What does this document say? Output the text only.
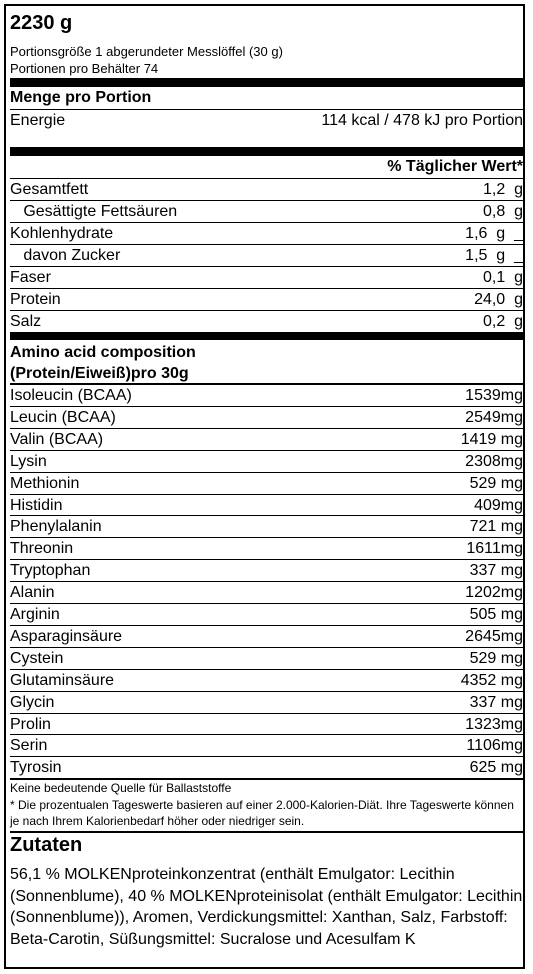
2230 g
Portionsgröße 1 abgerundeter Messlöffel (30 g)
Portionen pro Behälter 74
Menge pro Portion
Energie	114 kcal / 478 kJ pro Portion
% Täglicher Wert*
Gesamtfett	1,2  g
Gesättigte Fettsäuren	0,8  g
Kohlenhydrate	1,6  g  _
davon Zucker	1,5  g  _
Faser	0,1  g
Protein	24,0  g
Salz	0,2  g
Amino acid composition
(Protein/Eiweiß)pro 30g
Isoleucin (BCAA)	1539mg
Leucin (BCAA)	2549mg
Valin (BCAA)	1419 mg
Lysin	2308mg
Methionin	529 mg
Histidin	409mg
Phenylalanin	721 mg
Threonin	1611mg
Tryptophan	337 mg
Alanin	1202mg
Arginin	505 mg
Asparaginsäure	2645mg
Cystein	529 mg
Glutaminsäure	4352 mg
Glycin	337 mg
Prolin	1323mg
Serin	1106mg
Tyrosin	625 mg
Keine bedeutende Quelle für Ballaststoffe
* Die prozentualen Tageswerte basieren auf einer 2.000-Kalorien-Diät. Ihre Tageswerte können je nach Ihrem Kalorienbedarf höher oder niedriger sein.
Zutaten
56,1 % MOLKENproteinkonzentrat (enthält Emulgator: Lecithin (Sonnenblume), 40 % MOLKENproteinisolat (enthält Emulgator: Lecithin (Sonnenblume)), Aromen, Verdickungsmittel: Xanthan, Salz, Farbstoff: Beta-Carotin, Süßungsmittel: Sucralose und Acesulfam K
